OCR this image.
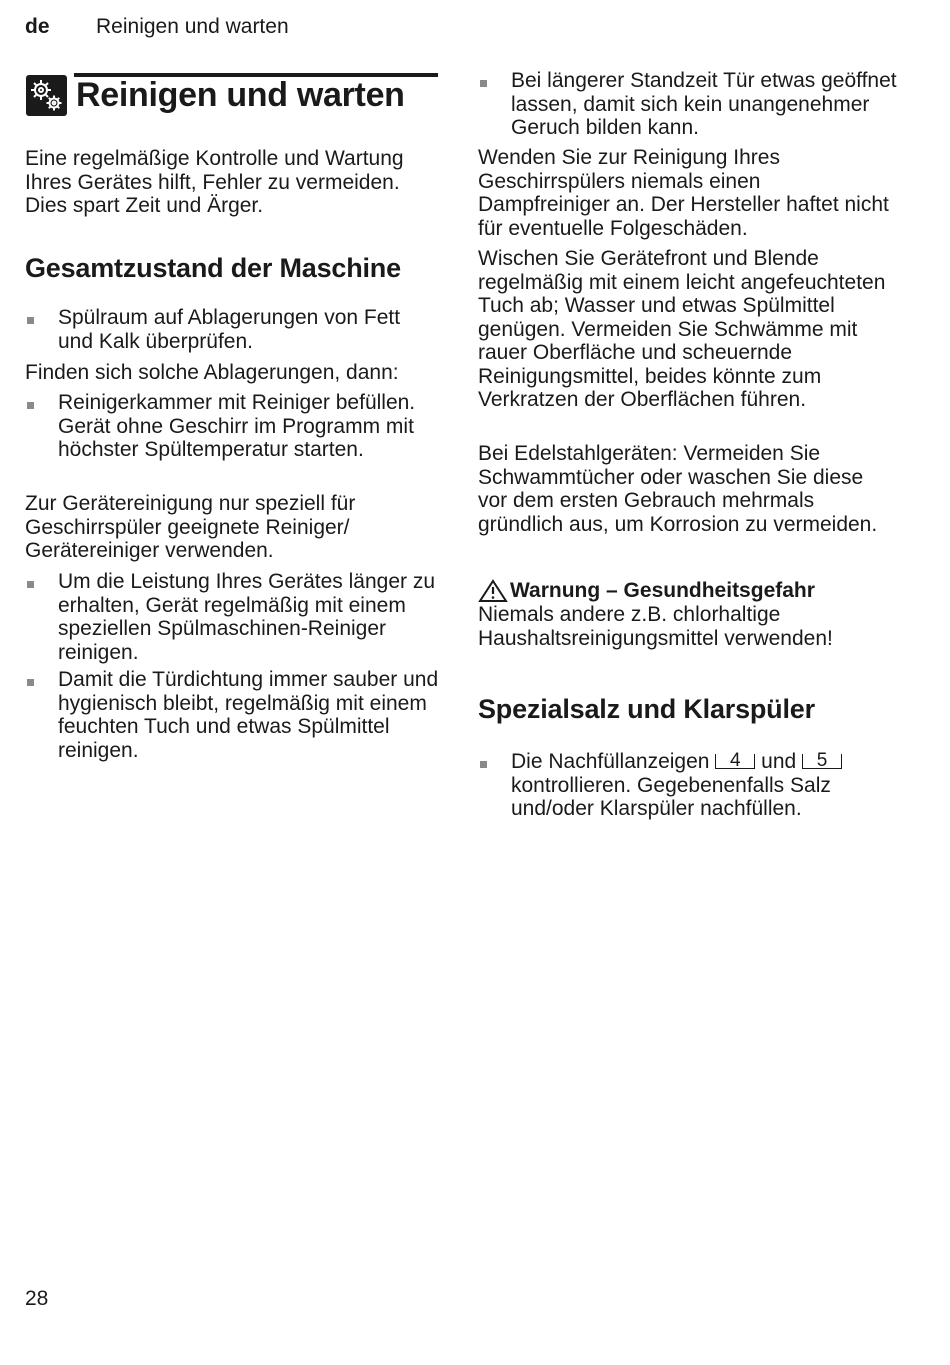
de Reinigen und warten
Reinigen und warten

Eine regelmäßige Kontrolle und Wartung Ihres Gerätes hilft, Fehler zu vermeiden. Dies spart Zeit und Ärger.

Gesamtzustand der Maschine
Spülraum auf Ablagerungen von Fett und Kalk überprüfen.

Finden sich solche Ablagerungen, dann:

Reinigerkammer mit Reiniger befüllen. Gerät ohne Geschirr im Programm mit höchster Spültemperatur starten.

Zur Gerätereinigung nur speziell für Geschirrspüler geeignete Reiniger/ Gerätereiniger verwenden.

Um die Leistung Ihres Gerätes länger zu erhalten, Gerät regelmäßig mit einem speziellen Spülmaschinen-Reiniger reinigen.
Damit die Türdichtung immer sauber und hygienisch bleibt, regelmäßig mit einem feuchten Tuch und etwas Spülmittel reinigen.
Bei längerer Standzeit Tür etwas geöffnet lassen, damit sich kein unangenehmer Geruch bilden kann.

Wenden Sie zur Reinigung Ihres Geschirrspülers niemals einen Dampfreiniger an. Der Hersteller haftet nicht für eventuelle Folgeschäden.

Wischen Sie Gerätefront und Blende regelmäßig mit einem leicht angefeuchteten Tuch ab; Wasser und etwas Spülmittel genügen. Vermeiden Sie Schwämme mit rauer Oberfläche und scheuernde Reinigungsmittel, beides könnte zum Verkratzen der Oberflächen führen.

Bei Edelstahlgeräten: Vermeiden Sie Schwammtücher oder waschen Sie diese vor dem ersten Gebrauch mehrmals gründlich aus, um Korrosion zu vermeiden.

Warnung – Gesundheitsgefahr

Niemals andere z.B. chlorhaltige Haushaltsreinigungsmittel verwenden!

Spezialsalz und Klarspüler
Die Nachfüllanzeigen 4 und 5 kontrollieren. Gegebenenfalls Salz und/oder Klarspüler nachfüllen.
28
